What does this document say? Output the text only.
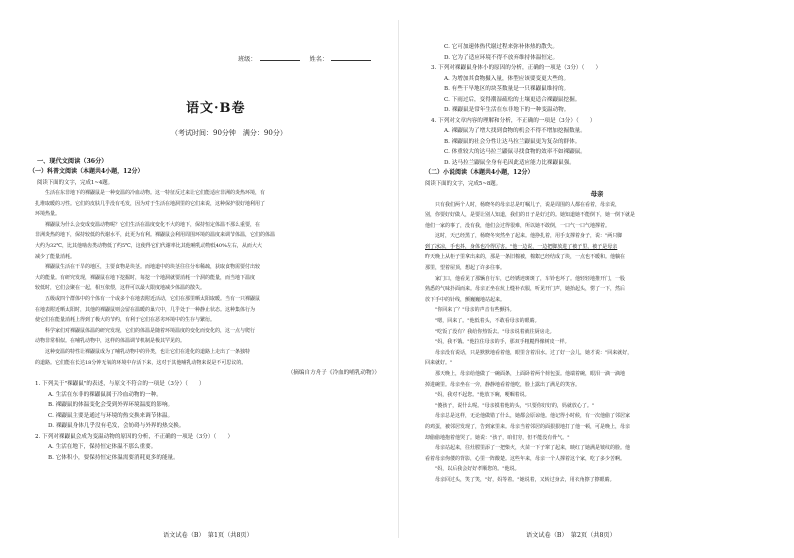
班级：	姓名：
语文·B卷
（考试时间：90分钟　满分：90分）

一、现代文阅读（36分）

（一）科普文阅读（本题共4小题，12分）

阅读下面的文字，完成1~4题。

生活在东非地下的裸鼹鼠是一种变温的冷血动物。这一特征反过来让它们能适应非洲的炎热环境，有

扎堆取暖的习性。它们的皮肤几乎没有毛发，因为对于生活在地洞里的它们来说，这种保护很好地利用了

环境热量。

裸鼹鼠为什么会变成变温动物呢？它们生活在温度变化不大的地下，保持恒定体温不那么重要，在

非洲炎热的地下，保持较低的代谢水平，此更为有利。裸鼹鼠会利用周围环境的温度来调节体温，它们的体温

大约为32℃，比其他啮齿类动物低了约5℃，这使得它们代谢率比其他哺乳动物低40%左右，从而大大

减少了能量消耗。

裸鼹鼠生活在干旱的地区，主要食物是块茎。而地道中的块茎往往分布稀疏，获取食物需要付出较

大的能量。有研究发现，裸鼹鼠在地下挖掘时，每挖一个地洞就要消耗一个洞的能量，而当地下温度

较低时，它们会聚在一起，相互依偎，这样可以最大限度地减少体温的散失。

五级或四个群体中的个体有一个或多个在地表附近活动，它们在那里晒太阳取暖。当有一只裸鼹鼠

在地表附近晒太阳时，其他的裸鼹鼠则会留在温暖的巢穴中，几乎处于一种静止状态。这种集体行为

使它们在能量消耗上得到了极大的节约，有利于它们在恶劣环境中的生存与繁衍。

科学家们对裸鼹鼠体温的研究发现，它们的体温是随着环境温度的变化而变化的，这一点与爬行

动物非常相似。在哺乳动物中，这样的体温调节机制是极其罕见的。

这种变温的特性让裸鼹鼠成为了哺乳动物中的异类，也让它们在进化的道路上走出了一条独特

的道路。它们能在长达18分钟无氧的环境中存活下来，这对于其他哺乳动物来说是不可思议的。

（摘编自方舟子《冷血的哺乳动物》）

1. 下列关于"裸鼹鼠"的表述，与原文不符合的一项是（3分）（　　）

A. 生活在东非的裸鼹鼠属于冷血动物的一种。

B. 裸鼹鼠的体温变化会受到外界环境温度的影响。

C. 裸鼹鼠主要是通过与环境的热交换来调节体温。

D. 裸鼹鼠身体几乎没有毛发，会妨碍与外界的热交换。

2. 下列对裸鼹鼠会成为变温动物的原因的分析，不正确的一项是（3分）（　　）

A. 生活在地下，保持恒定体温不那么重要。

B. 它体积小，要保持恒定体温需要消耗更多的能量。

语文试卷（B）　第1页（共8页）

C. 它可加速体热代谢过程来弥补体热的散失。

D. 它为了适应环境不得不放弃维持体温恒定。

3. 下列对裸鼹鼠身体小的原因的分析，正确的一项是（3分）（　　）

A. 为增加其食物摄入量，体型应该要变更大些的。

B. 有些干旱地区的块茎数量是一只裸鼹鼠维持的。

C. 下雨过后，变得潮湿疏松的土壤更适合裸鼹鼠挖掘。

D. 裸鼹鼠是常年生活在东非地下的一种变温动物。

4. 下列对文章内容的理解和分析，不正确的一项是（3分）（　　）

A. 裸鼹鼠为了增大找到食物的机会不得不增加挖掘数量。

B. 裸鼹鼠的社会分性让达马拉兰鼹鼠更为复杂的群体。

C. 体重较大的达马拉兰鼹鼠寻找食物的效率不如裸鼹鼠。

D. 达马拉兰鼹鼠全身有毛因此适应能力比裸鼹鼠强。

（二）小说阅读（本题共4小题，12分）

阅读下面的文字，完成5~8题。

母亲

只有我们两个人时，杨晓冬的母亲总是叮嘱儿子，说是周围的人都在看着，母亲说，

别，你要好好做人，是要让别人知道，我们的日子是好过的。她知道她不能倒下，她一倒下就是

他们一家的事了，没有我，他们会过得很难，所以她不敢倒，一口气一口气地撑着。

这时，天已经黑了，杨晓冬突然坐了起来。他挣扎着，用手支撑着身子，说："两只脚

到了冰凉，手也抖，身体也冷得厉害。"他一边说，一边把脚放进了被子里，被子是母亲

昨天晚上从柜子里拿出来的，那是一条旧棉被，棉絮已经结成了块，一点也不暖和。他躺在

那里，望着屋顶，想起了许多往事。

家门口，他看见了那辆自行车，已经锈迹斑斑了，车铃也坏了。他轻轻地推开门，一股

熟悉的气味扑面而来。母亲正坐在炕上缝补衣服，听见开门声，她抬起头，愣了一下，然后

放下手中的针线，颤巍巍地站起来。

"你回来了？"母亲的声音有些颤抖。

"嗯，回来了。"他低着头，不敢看母亲的眼睛。

"吃饭了没有？我给你热饭去。"母亲说着就往厨房走。

"妈，我不饿。"他拉住母亲的手，那双手粗糙得像树皮一样。

母亲没有说话，只是默默地看着他，眼里含着泪水。过了好一会儿，她才说："回来就好，

回来就好。"

那天晚上，母亲给他做了一碗面条，上面卧着两个荷包蛋。他端着碗，眼泪一滴一滴地

掉进碗里。母亲坐在一旁，静静地看着他吃，脸上露出了满足的笑容。

"妈，我对不起您。"他放下碗，哽咽着说。

"傻孩子，说什么呢。"母亲摸着他的头，"只要你好好的，妈就放心了。"

母亲总是这样，无论他做错了什么，她都会原谅他。他记得小时候，有一次他偷了邻居家

的鸡蛋，被邻居发现了，告到家里来。母亲当着邻居的面狠狠地打了他一顿，可是晚上，母亲

却偷偷地抱着他哭了。她说："孩子，咱们穷，但不能没有骨气。"

母亲站起来，往灶膛里添了一把柴火，火苗一下子窜了起来，映红了她满是皱纹的脸。他

看着母亲佝偻的背影，心里一阵酸楚。这些年来，母亲一个人撑着这个家，吃了多少苦啊。

"妈，以后我会好好孝顺您的。"他说。

母亲回过头，笑了笑，"好，妈等着。"她说着，又转过身去，用衣角擦了擦眼睛。

语文试卷（B）　第2页（共8页）
